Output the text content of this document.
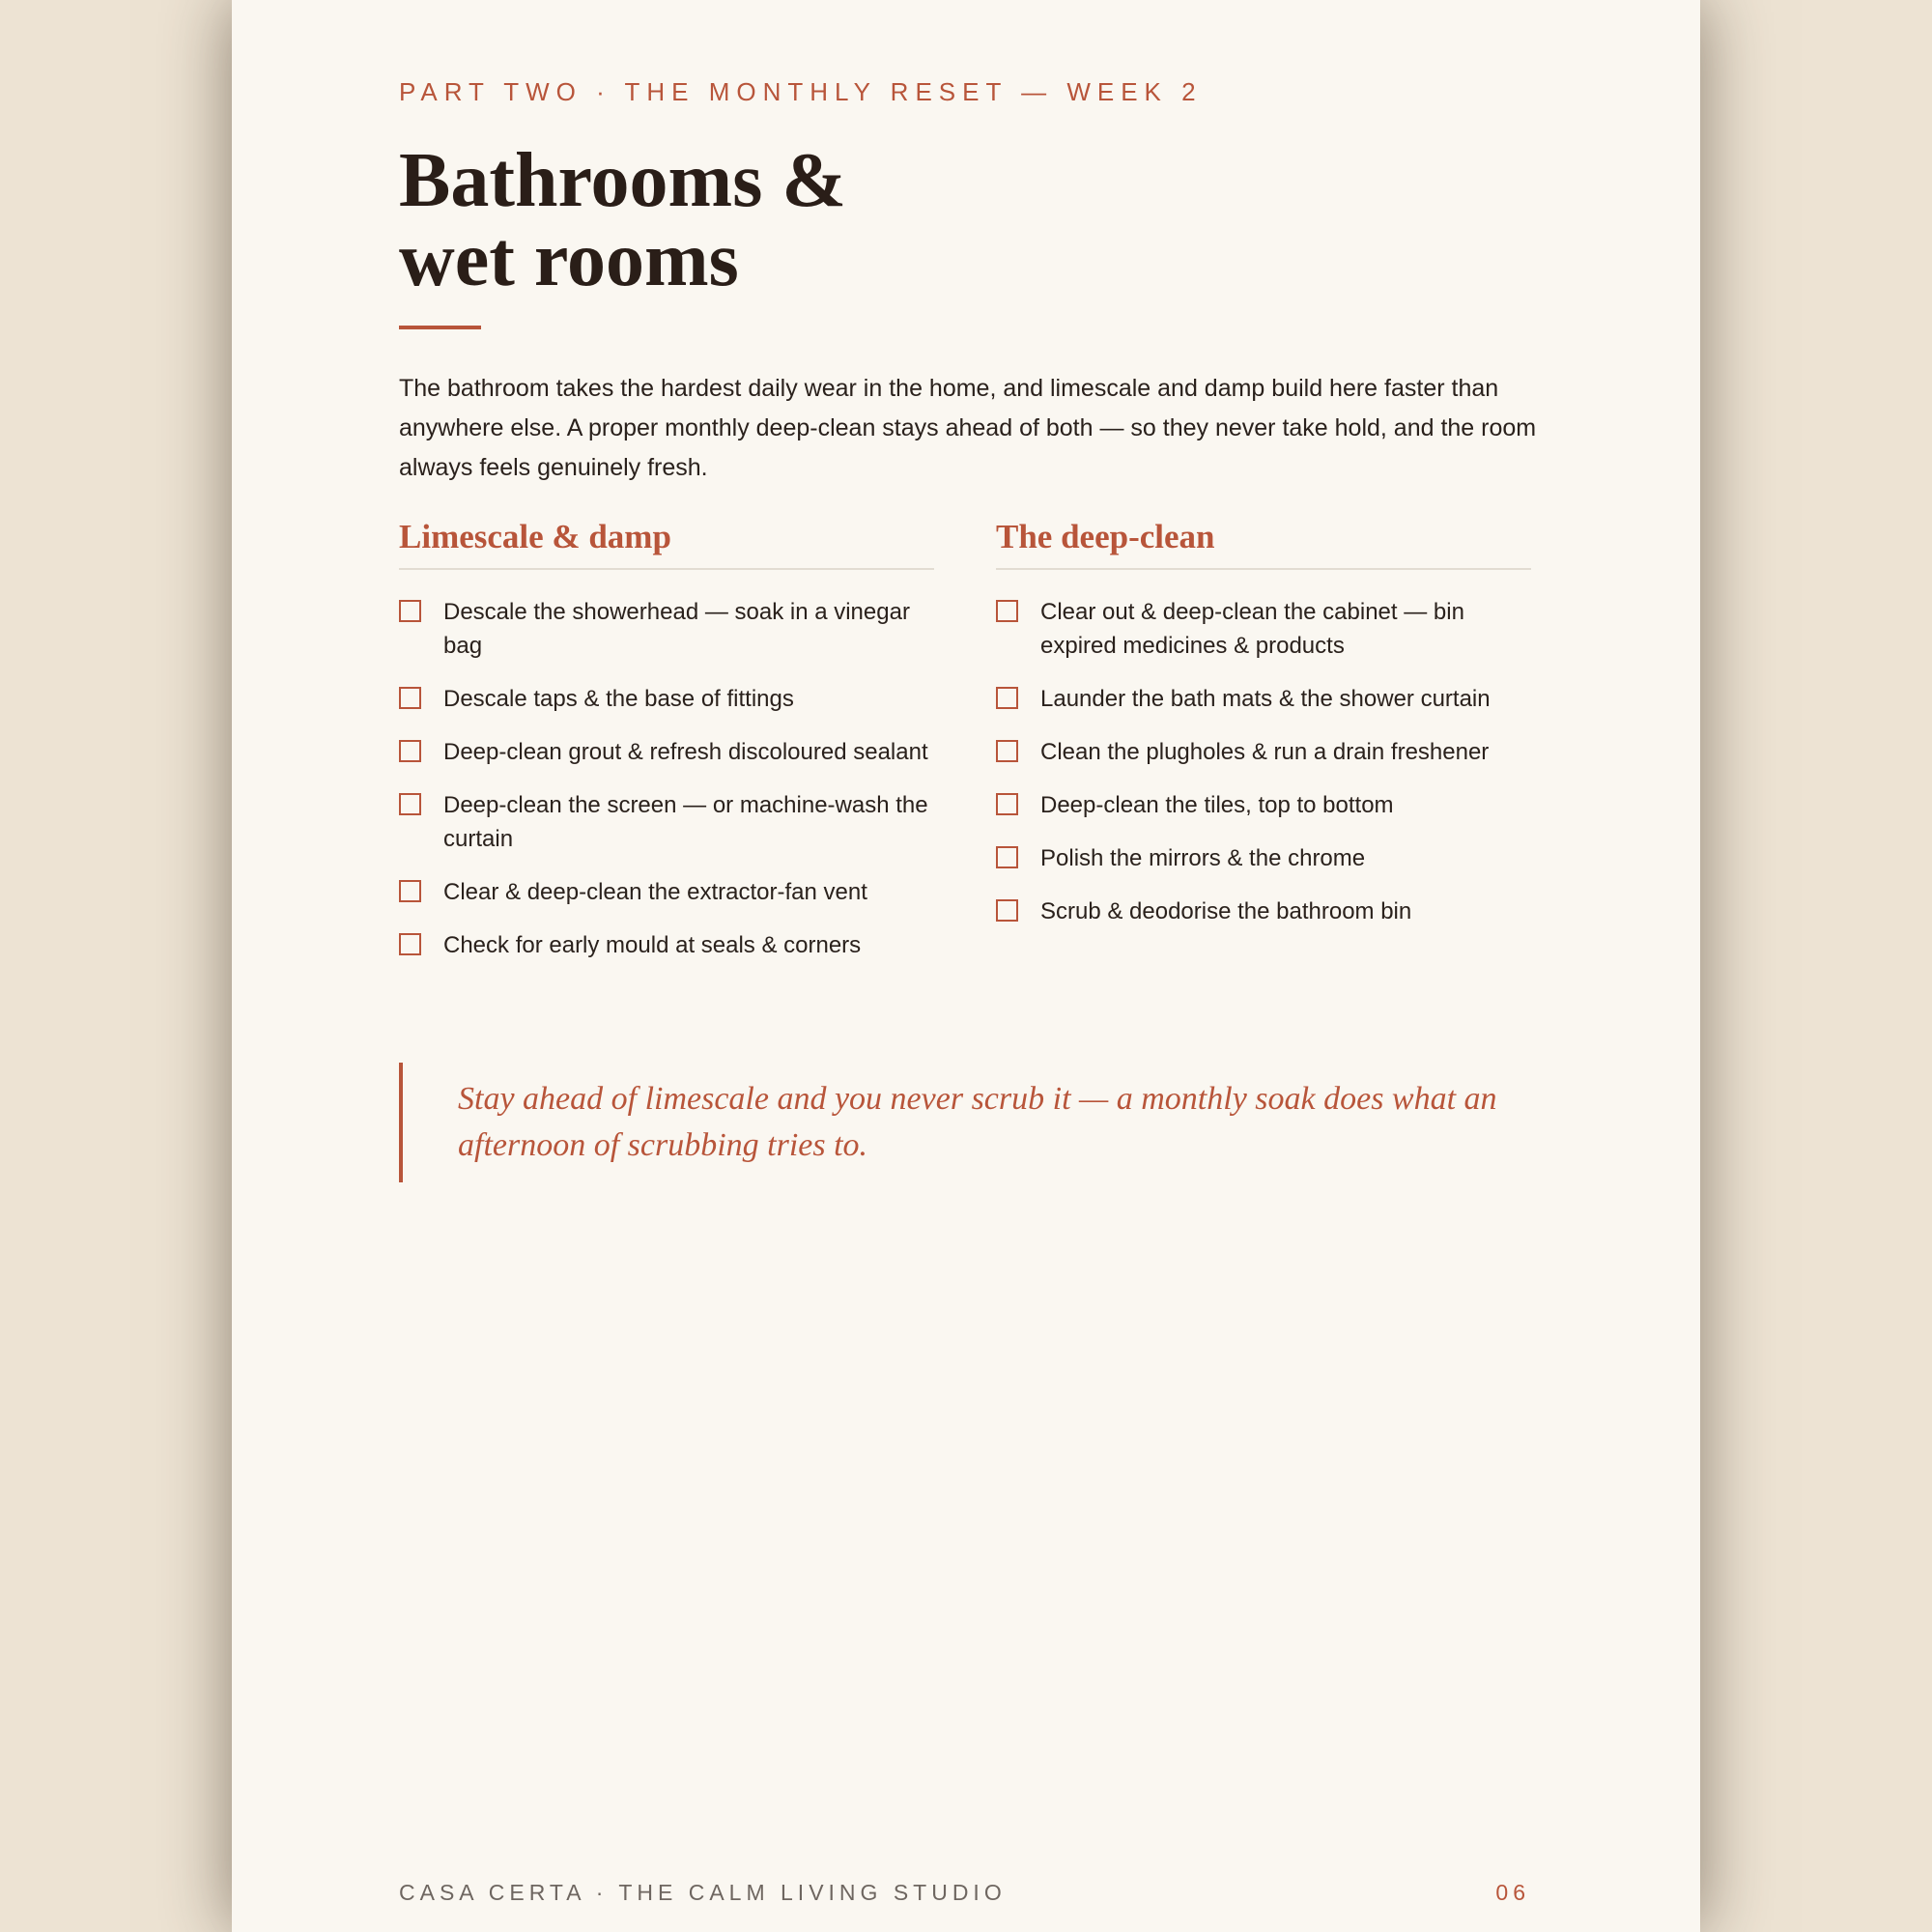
PART TWO · THE MONTHLY RESET — WEEK 2
Bathrooms &
wet rooms

The bathroom takes the hardest daily wear in the home, and limescale and damp build here faster than anywhere else. A proper monthly deep-clean stays ahead of both — so they never take hold, and the room always feels genuinely fresh.

Limescale & damp
Descale the showerhead — soak in a vinegar bag
Descale taps & the base of fittings
Deep-clean grout & refresh discoloured sealant
Deep-clean the screen — or machine-wash the curtain
Clear & deep-clean the extractor-fan vent
Check for early mould at seals & corners
The deep-clean
Clear out & deep-clean the cabinet — bin expired medicines & products
Launder the bath mats & the shower curtain
Clean the plugholes & run a drain freshener
Deep-clean the tiles, top to bottom
Polish the mirrors & the chrome
Scrub & deodorise the bathroom bin
Stay ahead of limescale and you never scrub it — a monthly soak does what an afternoon of scrubbing tries to.
CASA CERTA · THE CALM LIVING STUDIO	06
